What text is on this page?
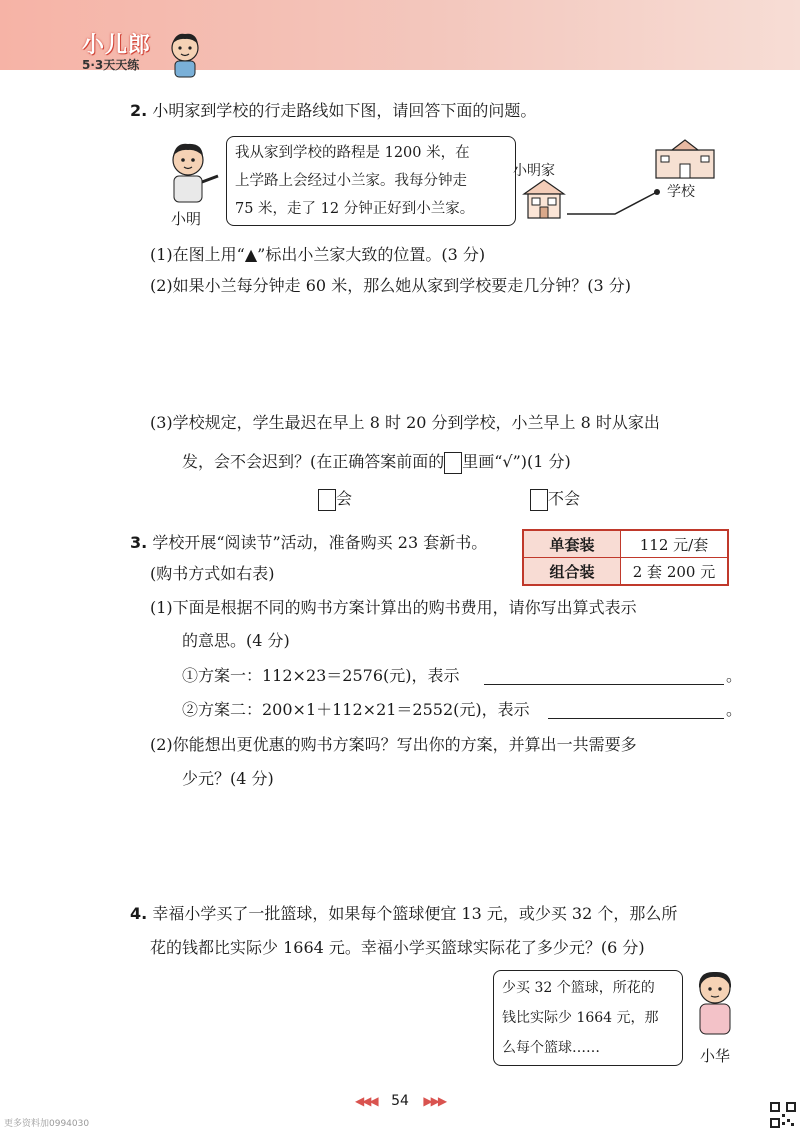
小儿郎
5·3天天练
2. 小明家到学校的行走路线如下图，请回答下面的问题。
小明
我从家到学校的路程是 1200 米，在
上学路上会经过小兰家。我每分钟走
75 米，走了 12 分钟正好到小兰家。
小明家
学校
(1)在图上用“▲”标出小兰家大致的位置。(3 分)
(2)如果小兰每分钟走 60 米，那么她从家到学校要走几分钟？(3 分)
(3)学校规定，学生最迟在早上 8 时 20 分到学校，小兰早上 8 时从家出
发，会不会迟到？(在正确答案前面的 里画“√”)(1 分)
会	不会
3. 学校开展“阅读节”活动，准备购买 23 套新书。
(购书方式如右表)
单套装	112 元/套
组合装	2 套 200 元
(1)下面是根据不同的购书方案计算出的购书费用，请你写出算式表示
的意思。(4 分)
①方案一：112×23＝2576(元)，表示	。
②方案二：200×1＋112×21＝2552(元)，表示	。
(2)你能想出更优惠的购书方案吗？写出你的方案，并算出一共需要多
少元？(4 分)
4. 幸福小学买了一批篮球，如果每个篮球便宜 13 元，或少买 32 个，那么所
花的钱都比实际少 1664 元。幸福小学买篮球实际花了多少元？(6 分)
少买 32 个篮球，所花的
钱比实际少 1664 元，那
么每个篮球……	小华
◀◀◀ 54 ▶▶▶
更多资料加0994030
